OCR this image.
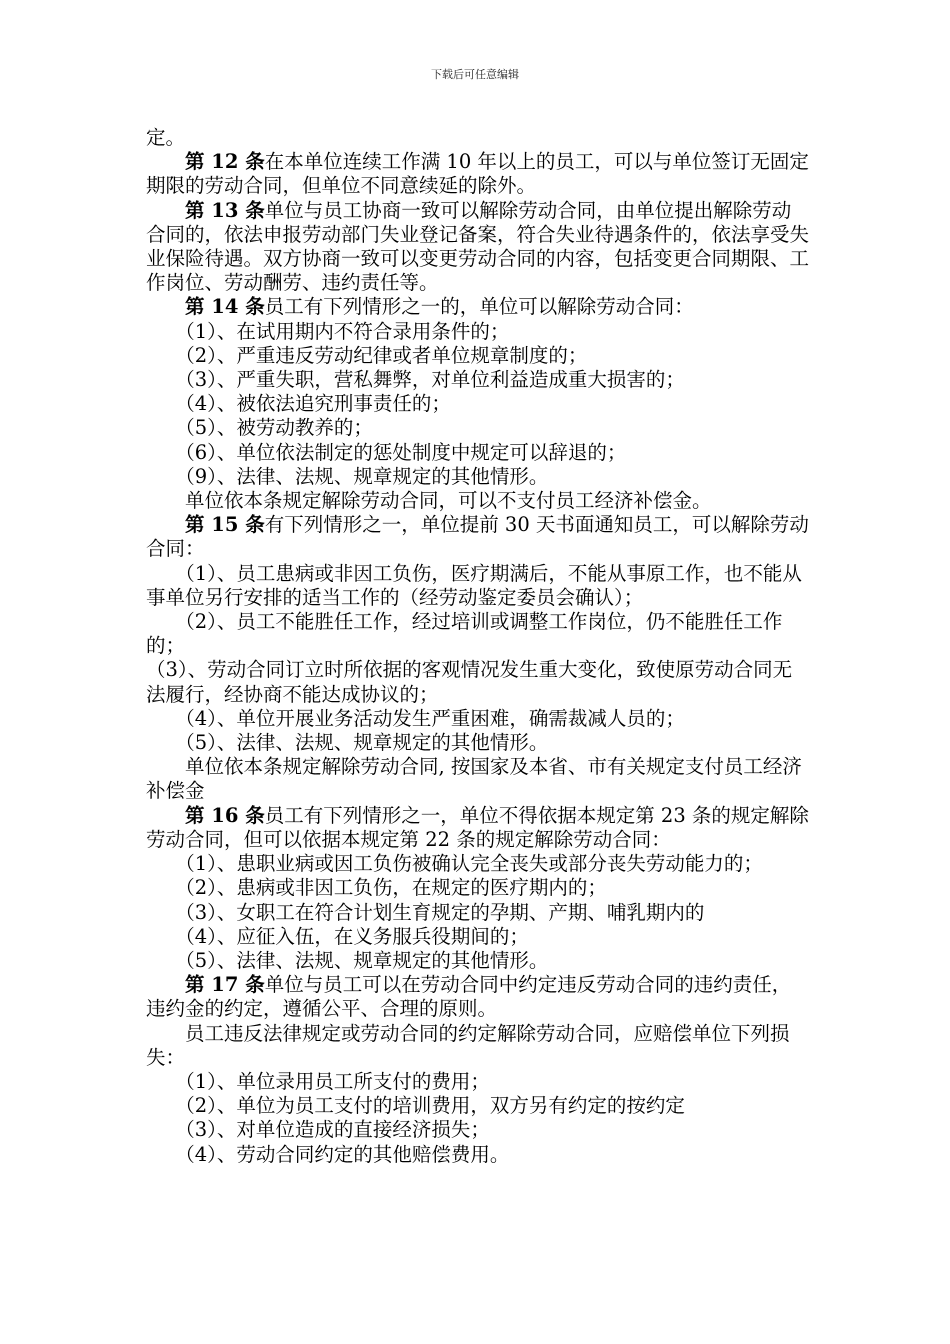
下载后可任意编辑

定。

　　第 12 条在本单位连续工作满 10 年以上的员工，可以与单位签订无固定期限的劳动合同，但单位不同意续延的除外。

　　第 13 条单位与员工协商一致可以解除劳动合同，由单位提出解除劳动合同的，依法申报劳动部门失业登记备案，符合失业待遇条件的，依法享受失业保险待遇。双方协商一致可以变更劳动合同的内容，包括变更合同期限、工作岗位、劳动酬劳、违约责任等。

　　第 14 条员工有下列情形之一的，单位可以解除劳动合同：

　　（1）、在试用期内不符合录用条件的；

　　（2）、严重违反劳动纪律或者单位规章制度的；

　　（3）、严重失职，营私舞弊，对单位利益造成重大损害的；

　　（4）、被依法追究刑事责任的；

　　（5）、被劳动教养的；

　　（6）、单位依法制定的惩处制度中规定可以辞退的；

　　（9）、法律、法规、规章规定的其他情形。

　　单位依本条规定解除劳动合同，可以不支付员工经济补偿金。

　　第 15 条有下列情形之一，单位提前 30 天书面通知员工，可以解除劳动合同：

　　（1）、员工患病或非因工负伤，医疗期满后，不能从事原工作，也不能从事单位另行安排的适当工作的（经劳动鉴定委员会确认）；

　　（2）、员工不能胜任工作，经过培训或调整工作岗位，仍不能胜任工作的；

（3）、劳动合同订立时所依据的客观情况发生重大变化，致使原劳动合同无法履行，经协商不能达成协议的；

　　（4）、单位开展业务活动发生严重困难，确需裁减人员的；

　　（5）、法律、法规、规章规定的其他情形。

　　单位依本条规定解除劳动合同, 按国家及本省、市有关规定支付员工经济补偿金

　　第 16 条员工有下列情形之一，单位不得依据本规定第 23 条的规定解除劳动合同，但可以依据本规定第 22 条的规定解除劳动合同：

　　（1）、患职业病或因工负伤被确认完全丧失或部分丧失劳动能力的；

　　（2）、患病或非因工负伤，在规定的医疗期内的；

　　（3）、女职工在符合计划生育规定的孕期、产期、哺乳期内的

　　（4）、应征入伍，在义务服兵役期间的；

　　（5）、法律、法规、规章规定的其他情形。

　　第 17 条单位与员工可以在劳动合同中约定违反劳动合同的违约责任，违约金的约定，遵循公平、合理的原则。

　　员工违反法律规定或劳动合同的约定解除劳动合同，应赔偿单位下列损失：

　　（1）、单位录用员工所支付的费用；

　　（2）、单位为员工支付的培训费用，双方另有约定的按约定

　　（3）、对单位造成的直接经济损失；

　　（4）、劳动合同约定的其他赔偿费用。
